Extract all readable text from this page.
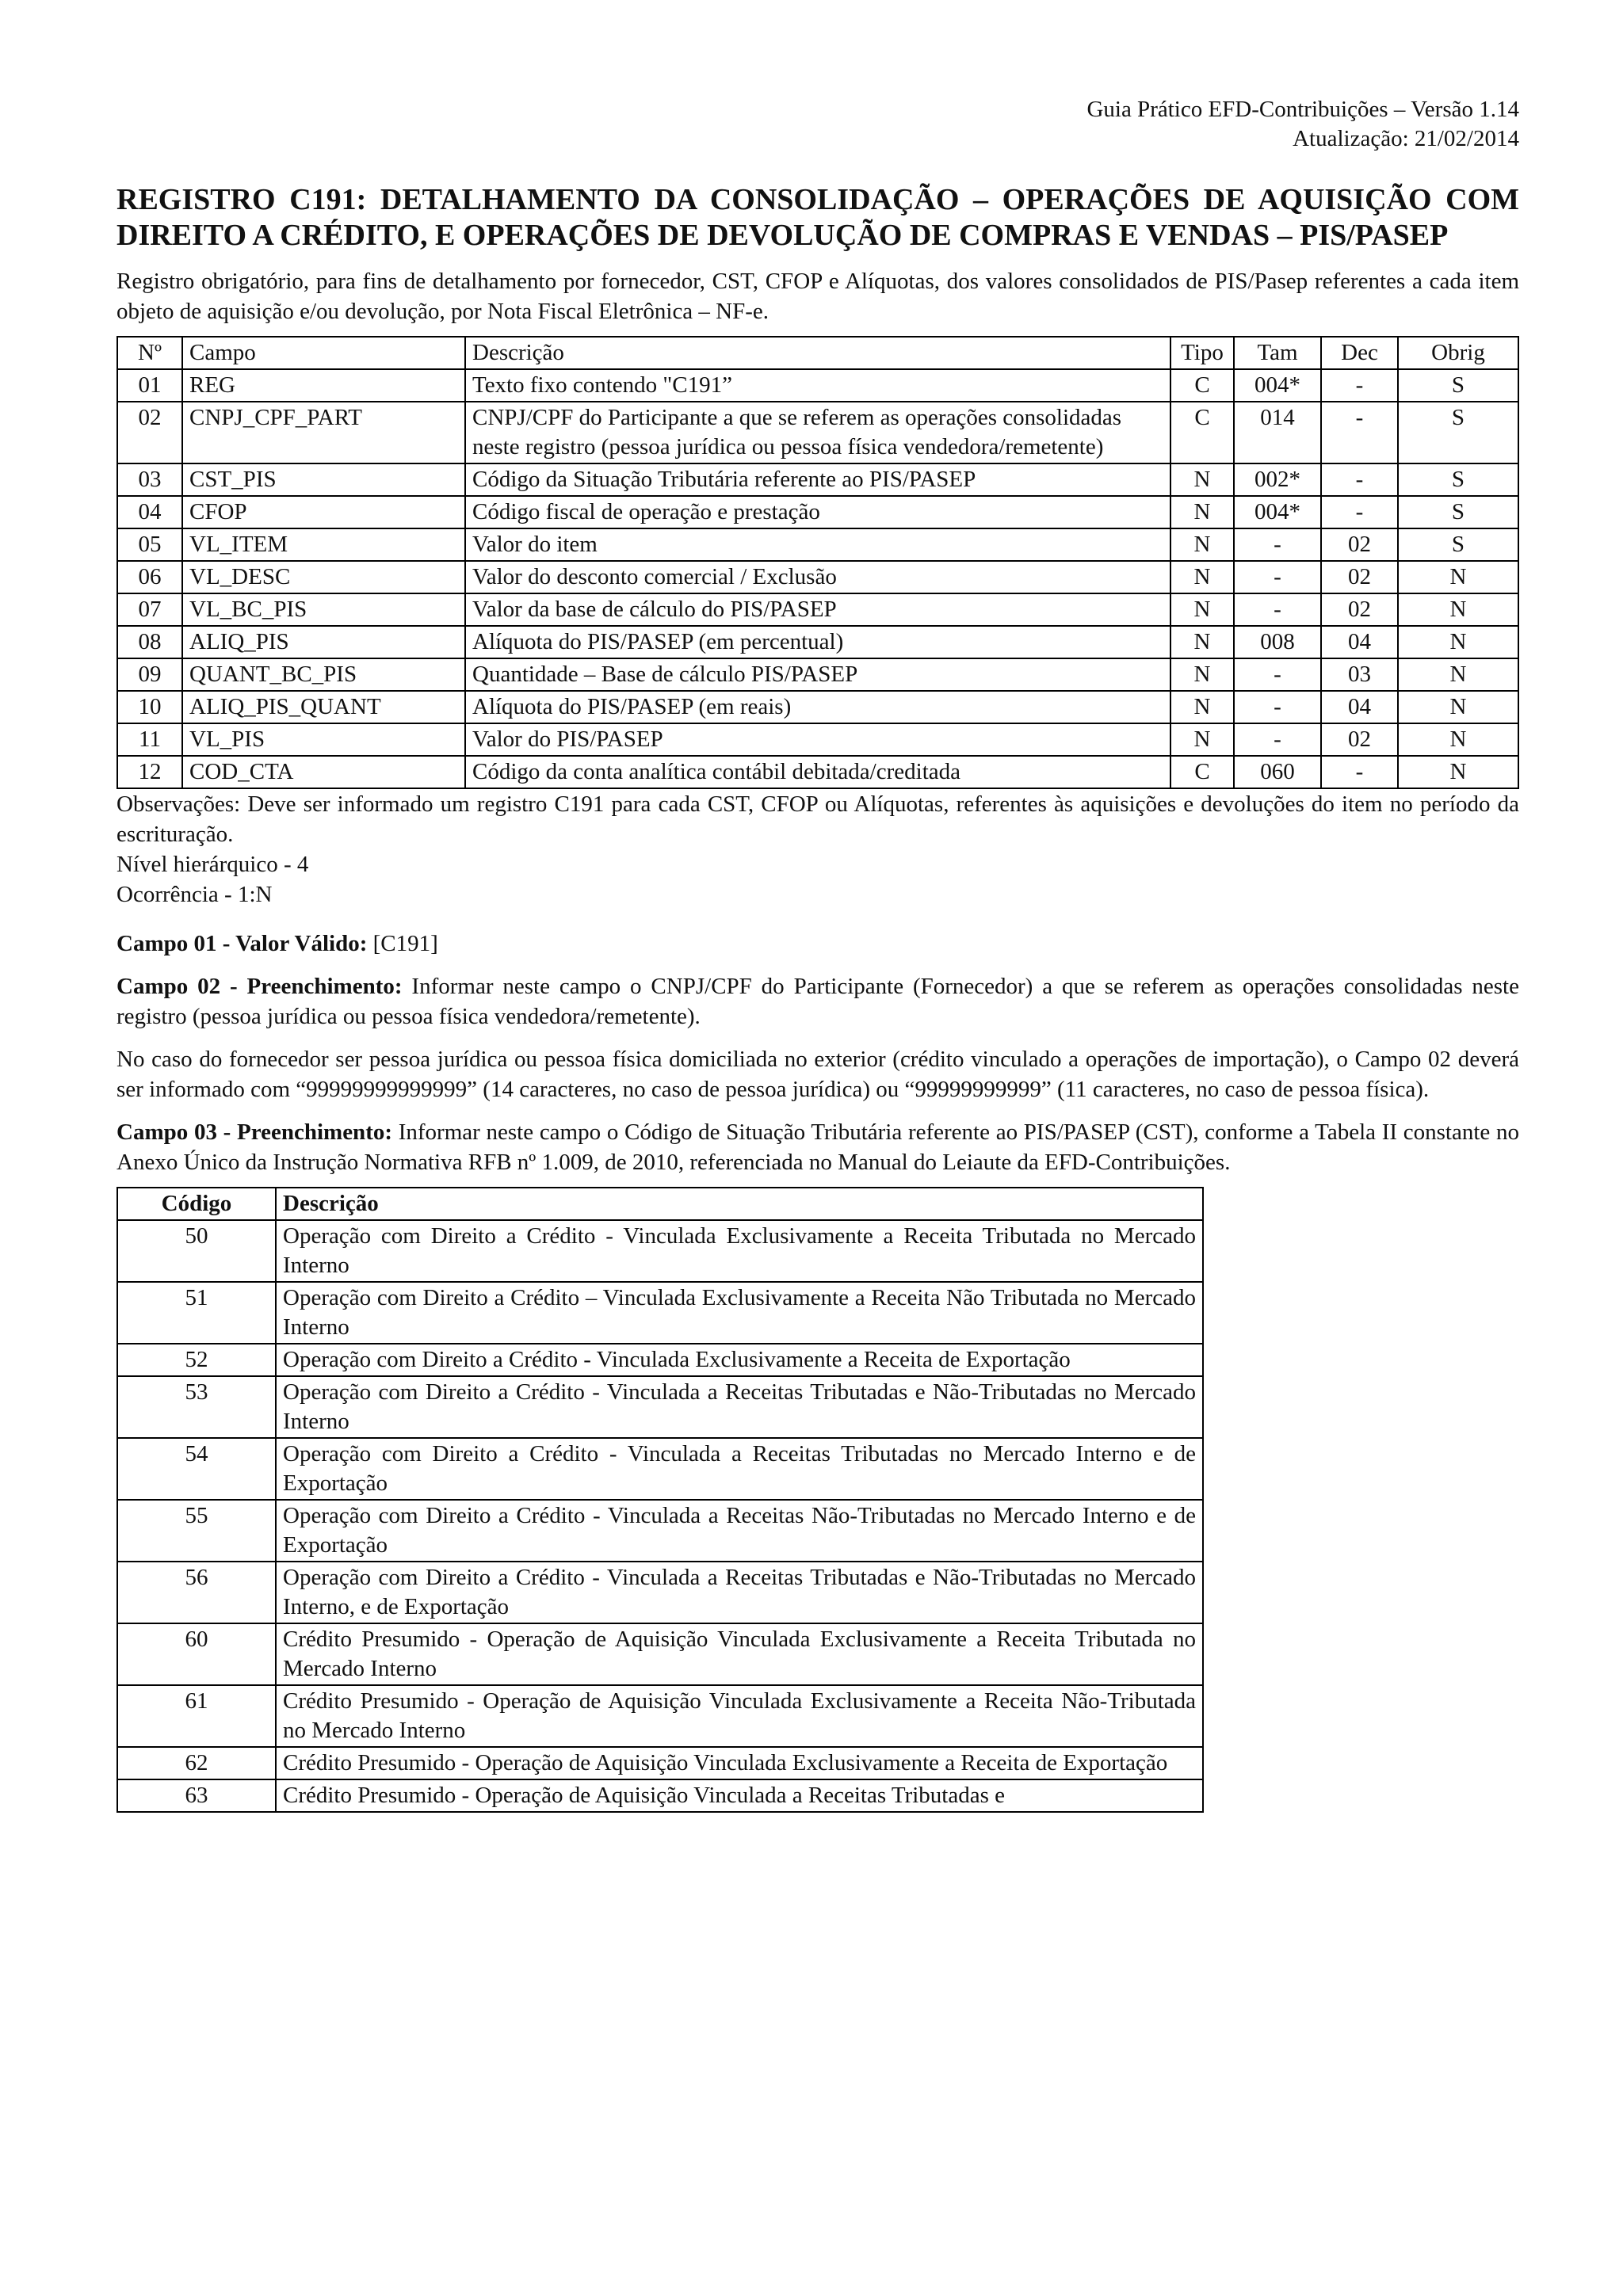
Guia Prático EFD-Contribuições – Versão 1.14
Atualização: 21/02/2014
REGISTRO C191: DETALHAMENTO DA CONSOLIDAÇÃO – OPERAÇÕES DE AQUISIÇÃO COM DIREITO A CRÉDITO, E OPERAÇÕES DE DEVOLUÇÃO DE COMPRAS E VENDAS – PIS/PASEP

Registro obrigatório, para fins de detalhamento por fornecedor, CST, CFOP e Alíquotas, dos valores consolidados de PIS/Pasep referentes a cada item objeto de aquisição e/ou devolução, por Nota Fiscal Eletrônica – NF-e.

Nº	Campo	Descrição	Tipo	Tam	Dec	Obrig
01	REG	Texto fixo contendo "C191”	C	004*	-	S
02	CNPJ_CPF_PART	CNPJ/CPF do Participante a que se referem as operações consolidadas neste registro (pessoa jurídica ou pessoa física vendedora/remetente)	C	014	-	S
03	CST_PIS	Código da Situação Tributária referente ao PIS/PASEP	N	002*	-	S
04	CFOP	Código fiscal de operação e prestação	N	004*	-	S
05	VL_ITEM	Valor do item	N	-	02	S
06	VL_DESC	Valor do desconto comercial / Exclusão	N	-	02	N
07	VL_BC_PIS	Valor da base de cálculo do PIS/PASEP	N	-	02	N
08	ALIQ_PIS	Alíquota do PIS/PASEP (em percentual)	N	008	04	N
09	QUANT_BC_PIS	Quantidade – Base de cálculo PIS/PASEP	N	-	03	N
10	ALIQ_PIS_QUANT	Alíquota do PIS/PASEP (em reais)	N	-	04	N
11	VL_PIS	Valor do PIS/PASEP	N	-	02	N
12	COD_CTA	Código da conta analítica contábil debitada/creditada	C	060	-	N

Observações: Deve ser informado um registro C191 para cada CST, CFOP ou Alíquotas, referentes às aquisições e devoluções do item no período da escrituração.

Nível hierárquico - 4

Ocorrência - 1:N

Campo 01 - Valor Válido: [C191]

Campo 02 - Preenchimento: Informar neste campo o CNPJ/CPF do Participante (Fornecedor) a que se referem as operações consolidadas neste registro (pessoa jurídica ou pessoa física vendedora/remetente).

No caso do fornecedor ser pessoa jurídica ou pessoa física domiciliada no exterior (crédito vinculado a operações de importação), o Campo 02 deverá ser informado com “99999999999999” (14 caracteres, no caso de pessoa jurídica) ou “99999999999” (11 caracteres, no caso de pessoa física).

Campo 03 - Preenchimento: Informar neste campo o Código de Situação Tributária referente ao PIS/PASEP (CST), conforme a Tabela II constante no Anexo Único da Instrução Normativa RFB nº 1.009, de 2010, referenciada no Manual do Leiaute da EFD-Contribuições.

Código	Descrição
50	Operação com Direito a Crédito - Vinculada Exclusivamente a Receita Tributada no Mercado Interno
51	Operação com Direito a Crédito – Vinculada Exclusivamente a Receita Não Tributada no Mercado Interno
52	Operação com Direito a Crédito - Vinculada Exclusivamente a Receita de Exportação
53	Operação com Direito a Crédito - Vinculada a Receitas Tributadas e Não-Tributadas no Mercado Interno
54	Operação com Direito a Crédito - Vinculada a Receitas Tributadas no Mercado Interno e de Exportação
55	Operação com Direito a Crédito - Vinculada a Receitas Não-Tributadas no Mercado Interno e de Exportação
56	Operação com Direito a Crédito - Vinculada a Receitas Tributadas e Não-Tributadas no Mercado Interno, e de Exportação
60	Crédito Presumido - Operação de Aquisição Vinculada Exclusivamente a Receita Tributada no Mercado Interno
61	Crédito Presumido - Operação de Aquisição Vinculada Exclusivamente a Receita Não-Tributada no Mercado Interno
62	Crédito Presumido - Operação de Aquisição Vinculada Exclusivamente a Receita de Exportação
63	Crédito Presumido - Operação de Aquisição Vinculada a Receitas Tributadas e
